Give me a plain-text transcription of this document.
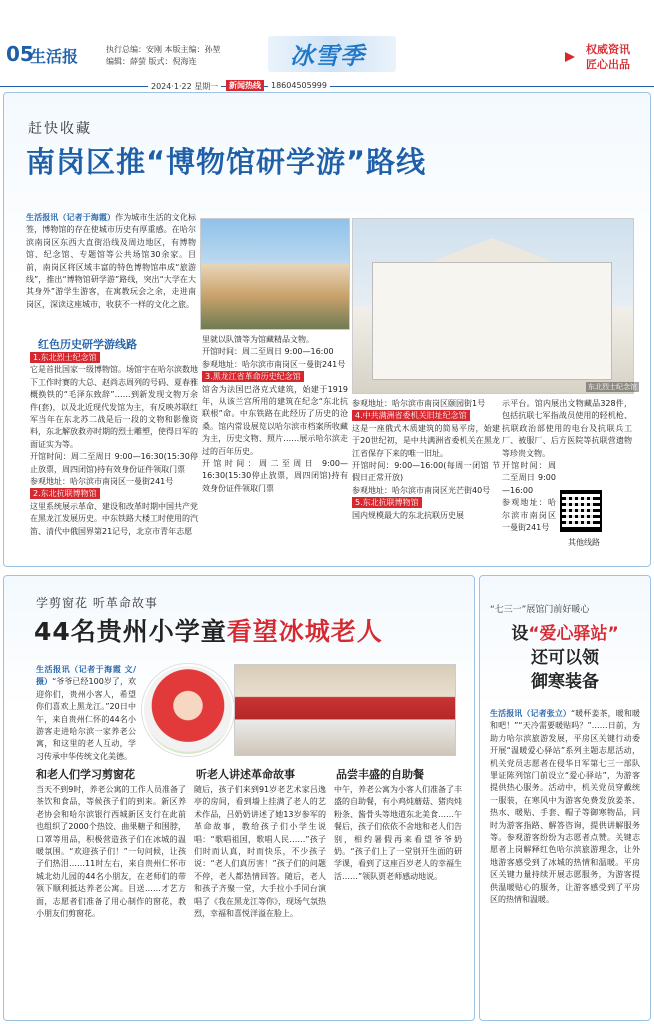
05
生活报	执行总编：安刚 本版主编：孙堃
编辑：薛萤 版式：倪海连	冰雪季	权威资讯
匠心出品
2024·1·22 星期一	新闻热线	18604505999
赶快收藏
南岗区推“博物馆研学游”路线
生活报讯（记者于海霞）作为城市生活的文化标签，博物馆的存在使城市历史有厚重感。在哈尔滨南岗区东西大直街沿线及周边地区，有博物馆、纪念馆、专题馆等公共场馆30余家。目前，南岗区将区域丰富的特色博物馆串成“旅游线”，推出“博物馆研学游”路线，突出“大学在大其身外”游学生游客，在寓教玩会之余，走进南岗区，深读这座城市，收获不一样的文化之旅。
东北烈士纪念馆
红色历史研学游线路
1.东北烈士纪念馆
它是首批国家一级博物馆。场馆宇在哈尔滨数地下工作时赛的大总、赵尚志周列的号码、夏春雅概换铁的“毛泽东致辞”……到新发现文物万余件(套)，以及北近现代发馆为主，有反映苏联红军当年在东北苏二战是后一段的文物和影像资料，东北解放救亦时期的烈士雕塑，使得日军的面证实为等。
开馆时间：周二至周日 9:00—16:30(15:30停止放票，周四闭馆)持有效身份证件领取门票
参观地址：哈尔滨市南岗区一曼街241号
2.东北抗联博物馆
这里系统展示革命、建设和改革时期中国共产党在黑龙江发展历史。中东铁路大楼工时使用的汽笛、清代中俄国界第21记号，北京市青年志愿
里就以队馈等为馆藏精品文物。
开馆时间：周二至周日 9:00—16:00
参观地址：哈尔滨市南岗区一曼街241号
3.黑龙江省革命历史纪念馆
馆舍为法国巴洛克式建筑，始建于1919年，从该兰宫所用的建筑在纪念“东北抗联根”命。中东铁路在此经历了历史的沧桑。馆内常设展览以哈尔滨市档案所收藏为主，历史文物、照片……展示哈尔滨走过的百年历史。
开馆时间：周二至周日 9:00—16:30(15:30停止放票，周四闭馆)持有效身份证件领取门票
参观地址：哈尔滨市南岗区颐园街1号
4.中共满洲省委机关旧址纪念馆
这是一座俄式木质建筑的简易平房，始建于20世纪初，是中共满洲省委机关在黑龙江省保存下来的唯一旧址。
开馆时间：9:00—16:00(每周一闭馆 节假日正常开放)
参观地址：哈尔滨市南岗区光芒街40号
5.东北抗联博物馆
国内规模最大的东北抗联历史展
示平台。馆内展出文物藏品328件，包括抗联七军指战员使用的轻机枪、抗联政治部使用的电台及抗联兵工厂、被服厂、后方医院等抗联营遗物等珍贵文物。

开馆时间：周二至周日 9:00—16:00
参观地址：哈尔滨市南岗区一曼街241号
其他线路
学剪窗花 听革命故事
44名贵州小学童看望冰城老人
生活报讯（记者于海霞 文/摄）“爷爷已经100岁了，欢迎你们，贵州小客人，希望你们喜欢上黑龙江。”20日中午，来自贵州仁怀的44名小游客走进哈尔滨一家养老公寓，和这里的老人互动，学习传承中华传统文化美德。
和老人们学习剪窗花	听老人讲述革命故事	品尝丰盛的自助餐
当天不到9时，养老公寓的工作人员准备了茶饮和食品，等候孩子们的到来。新区养老协会和哈尔滨银行西城新区支行在此前也组织了2000个热饺、曲果糖子和围脖，口罩等用品，积极营造孩子们在冰城的温暖氛围。“欢迎孩子们！”一句问候，让孩子们热泪……11时左右，来自贵州仁怀市城北幼儿园的44名小朋友，在老师们的带领下顺利抵达养老公寓。目送……才艺方面，志愿者们准备了用心制作的窗花，教小朋友们剪窗花。
随后，孩子们来到91岁老艺术家吕逸亭的房间，看到墙上挂满了老人的艺术作品，吕奶奶讲述了她13岁参军的革命故事，教给孩子们小学生说唱：“歌唱祖国，歌唱人民……”孩子们时而认真，时而快乐，不少孩子说：“老人们真厉害！”孩子们的问题不停，老人都热情回答。随后，老人和孩子齐聚一堂，大手拉小手同台演唱了《我在黑龙江等你》，现场气氛热烈，幸福和喜悦洋溢在脸上。
中午，养老公寓为小客人们准备了丰盛的自助餐，有小鸡炖蘑菇、猪肉炖粉条、酱骨头等地道东北美食……午餐后，孩子们依依不舍地和老人们告别，相约暑假再来看望爷爷奶奶。“孩子们上了一堂别开生面的研学课，看到了这座百岁老人的幸福生活……”领队贾老师感动地说。
“七三一”展馆门前好暖心
设“爱心驿站”
还可以领
御寒装备
生活报讯（记者张立）“暖杯姜茶，暖和暖和吧！”“天冷需要暖贴吗？”……日前，为助力哈尔滨旅游发展，平房区关键行动委开展“温暖爱心驿站”系列主题志愿活动，机关党员志愿者在侵华日军第七三一部队罪证陈列馆门前设立“爱心驿站”，为游客提供热心服务。活动中，机关党员穿戴统一服装，在寒风中为游客免费发放姜茶、热水、暖贴、手套、帽子等御寒物品，同时为游客指路、解答咨询，提供讲解服务等。参观游客纷纷为志愿者点赞。关键志愿者上岗解释红色哈尔滨旅游理念，让外地游客感受到了冰城的热情和温暖。平房区关键力量持续开展志愿服务，为游客提供温暖贴心的服务，让游客感受到了平房区的热情和温暖。
